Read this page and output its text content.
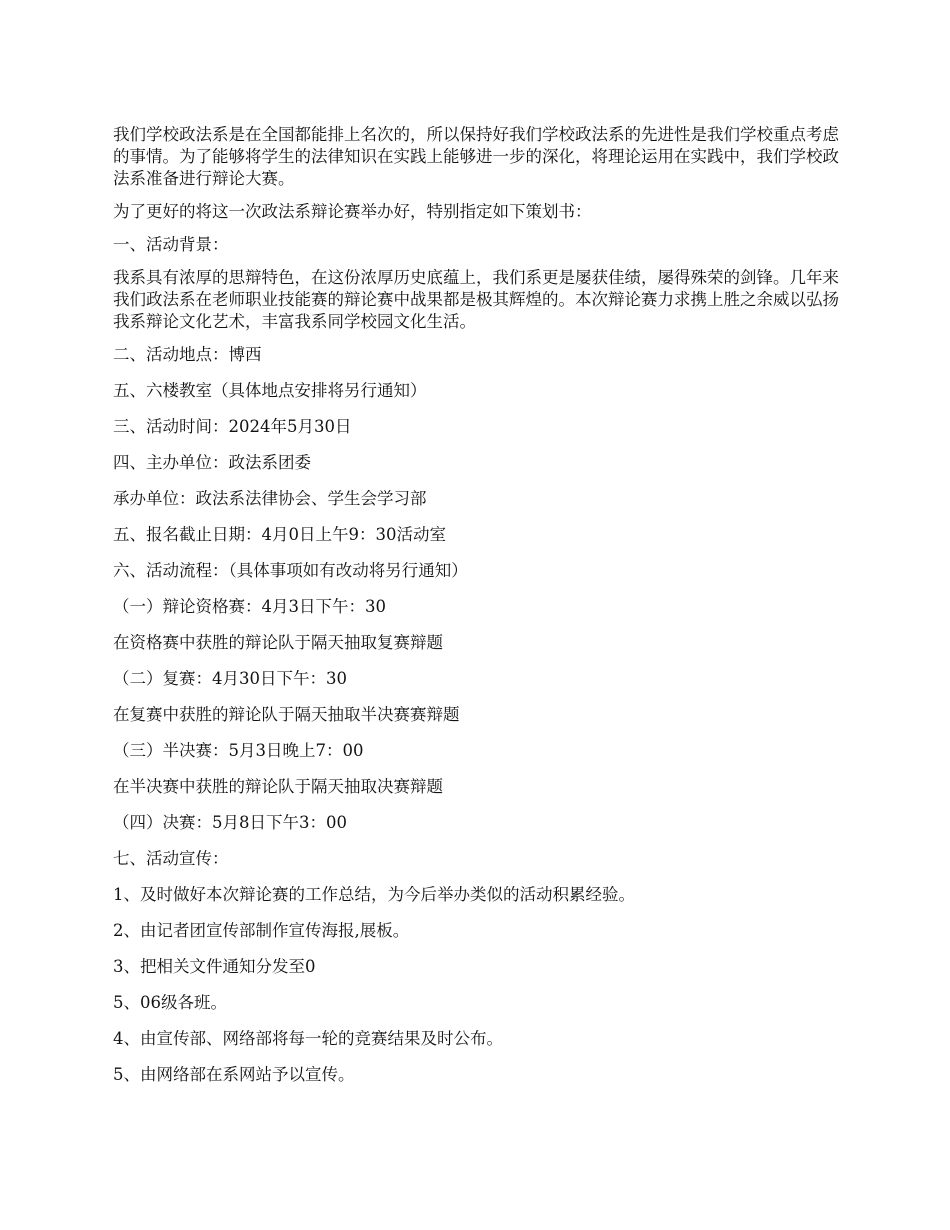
我们学校政法系是在全国都能排上名次的，所以保持好我们学校政法系的先进性是我们学校重点考虑的事情。为了能够将学生的法律知识在实践上能够进一步的深化，将理论运用在实践中，我们学校政法系准备进行辩论大赛。

为了更好的将这一次政法系辩论赛举办好，特别指定如下策划书：

一、活动背景：

我系具有浓厚的思辩特色，在这份浓厚历史底蕴上，我们系更是屡获佳绩，屡得殊荣的剑锋。几年来我们政法系在老师职业技能赛的辩论赛中战果都是极其辉煌的。本次辩论赛力求携上胜之余威以弘扬我系辩论文化艺术，丰富我系同学校园文化生活。

二、活动地点：博西
五、六楼教室（具体地点安排将另行通知）
三、活动时间：2024年5月30日
四、主办单位：政法系团委
承办单位：政法系法律协会、学生会学习部
五、报名截止日期：4月0日上午9：30活动室
六、活动流程：（具体事项如有改动将另行通知）
（一）辩论资格赛：4月3日下午：30
在资格赛中获胜的辩论队于隔天抽取复赛辩题
（二）复赛：4月30日下午：30
在复赛中获胜的辩论队于隔天抽取半决赛赛辩题
（三）半决赛：5月3日晚上7：00
在半决赛中获胜的辩论队于隔天抽取决赛辩题
（四）决赛：5月8日下午3：00
七、活动宣传：
1、及时做好本次辩论赛的工作总结，为今后举办类似的活动积累经验。
2、由记者团宣传部制作宣传海报,展板。
3、把相关文件通知分发至0
5、06级各班。
4、由宣传部、网络部将每一轮的竞赛结果及时公布。
5、由网络部在系网站予以宣传。
